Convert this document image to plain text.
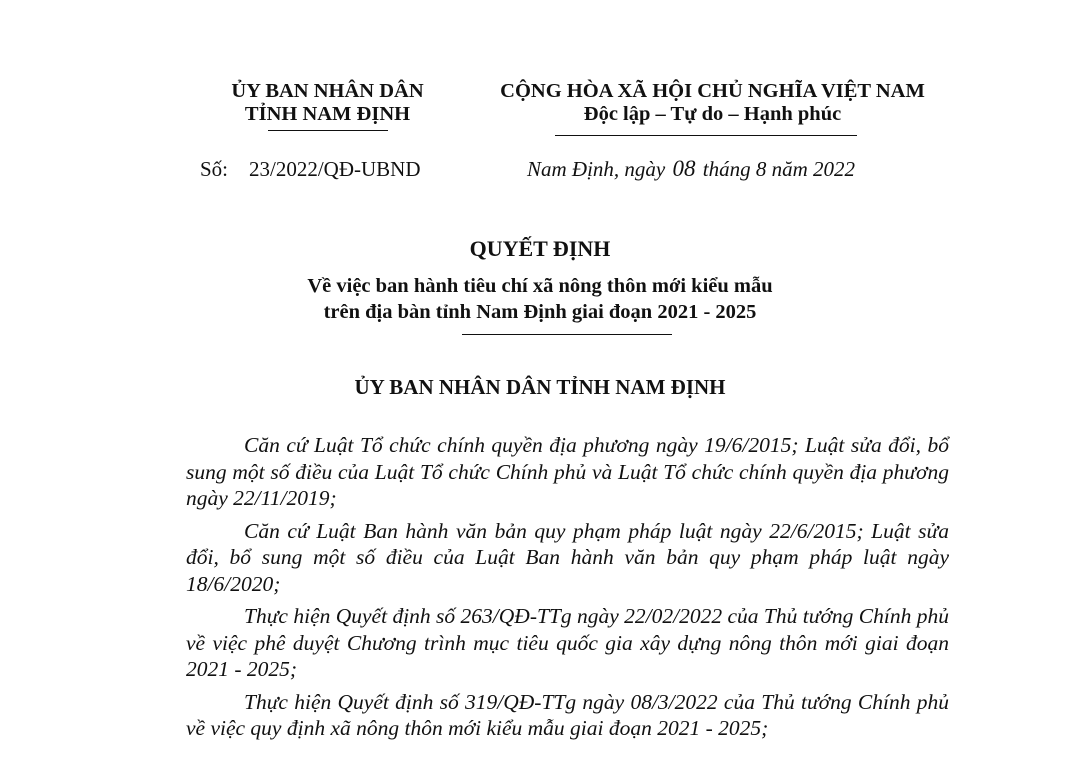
ỦY BAN NHÂN DÂN
TỈNH NAM ĐỊNH
CỘNG HÒA XÃ HỘI CHỦ NGHĨA VIỆT NAM
Độc lập – Tự do – Hạnh phúc
Số: 23/2022/QĐ-UBND	Nam Định, ngày 08 tháng 8 năm 2022
QUYẾT ĐỊNH
Về việc ban hành tiêu chí xã nông thôn mới kiểu mẫu
trên địa bàn tỉnh Nam Định giai đoạn 2021 - 2025
ỦY BAN NHÂN DÂN TỈNH NAM ĐỊNH

Căn cứ Luật Tổ chức chính quyền địa phương ngày 19/6/2015; Luật sửa đổi, bổ sung một số điều của Luật Tổ chức Chính phủ và Luật Tổ chức chính quyền địa phương ngày 22/11/2019;

Căn cứ Luật Ban hành văn bản quy phạm pháp luật ngày 22/6/2015; Luật sửa đổi, bổ sung một số điều của Luật Ban hành văn bản quy phạm pháp luật ngày 18/6/2020;

Thực hiện Quyết định số 263/QĐ-TTg ngày 22/02/2022 của Thủ tướng Chính phủ về việc phê duyệt Chương trình mục tiêu quốc gia xây dựng nông thôn mới giai đoạn 2021 - 2025;

Thực hiện Quyết định số 319/QĐ-TTg ngày 08/3/2022 của Thủ tướng Chính phủ về việc quy định xã nông thôn mới kiểu mẫu giai đoạn 2021 - 2025;
